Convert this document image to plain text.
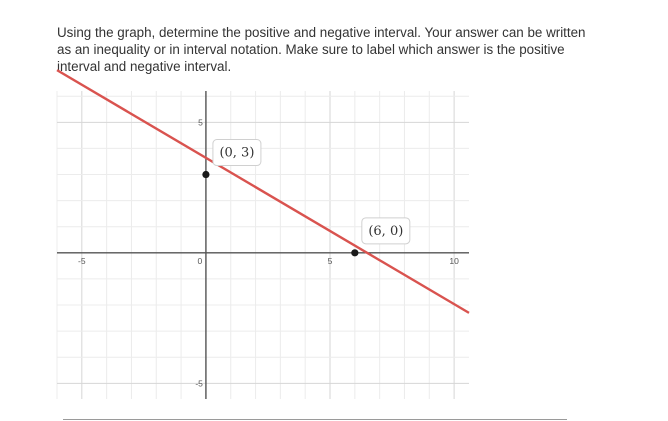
Using the graph, determine the positive and negative interval. Your answer can be written as an inequality or in interval notation. Make sure to label which answer is the positive interval and negative interval.
-5	0	5	10
5
-5
(0, 3)
(6, 0)
